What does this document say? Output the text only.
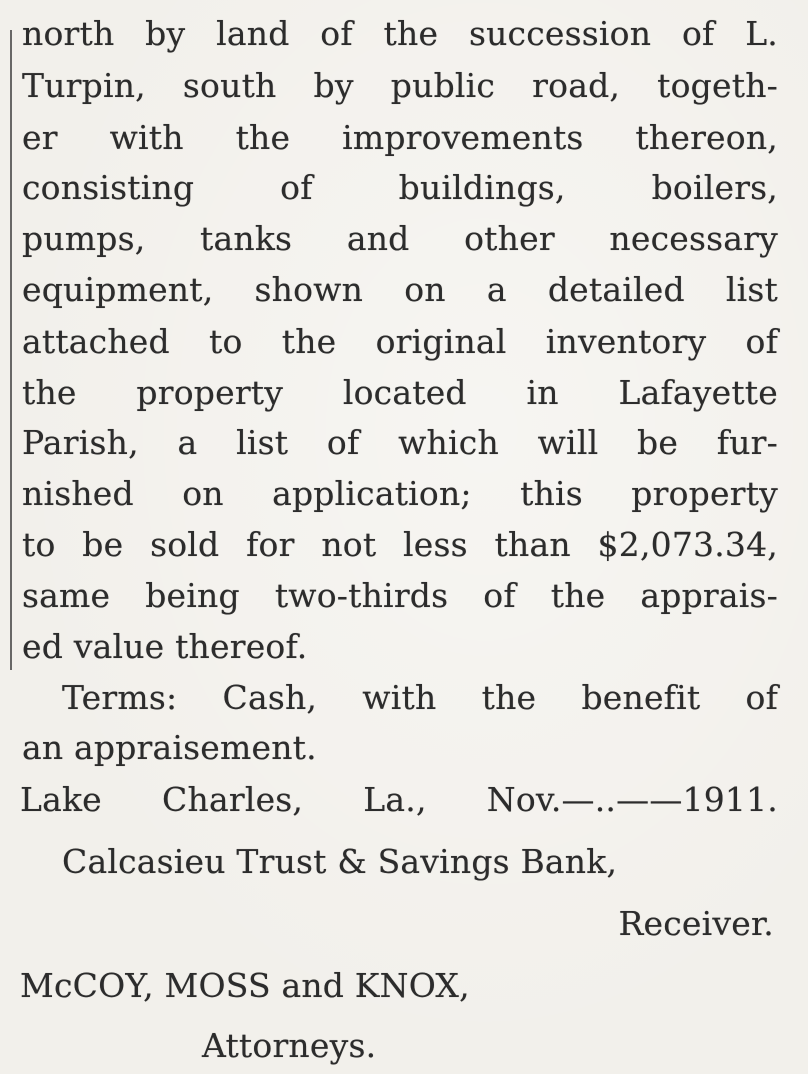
north by land of the succession of L.
Turpin, south by public road, togeth-
er with the improvements thereon,
consisting of buildings, boilers,
pumps, tanks and other necessary
equipment, shown on a detailed list
attached to the original inventory of
the property located in Lafayette
Parish, a list of which will be fur-
nished on application; this property
to be sold for not less than $2,073.34,
same being two-thirds of the apprais-
ed value thereof.
Terms: Cash, with the benefit of
an appraisement.
Lake Charles, La., Nov.—..——1911.
Calcasieu Trust & Savings Bank,
Receiver.
McCOY, MOSS and KNOX,
Attorneys.
